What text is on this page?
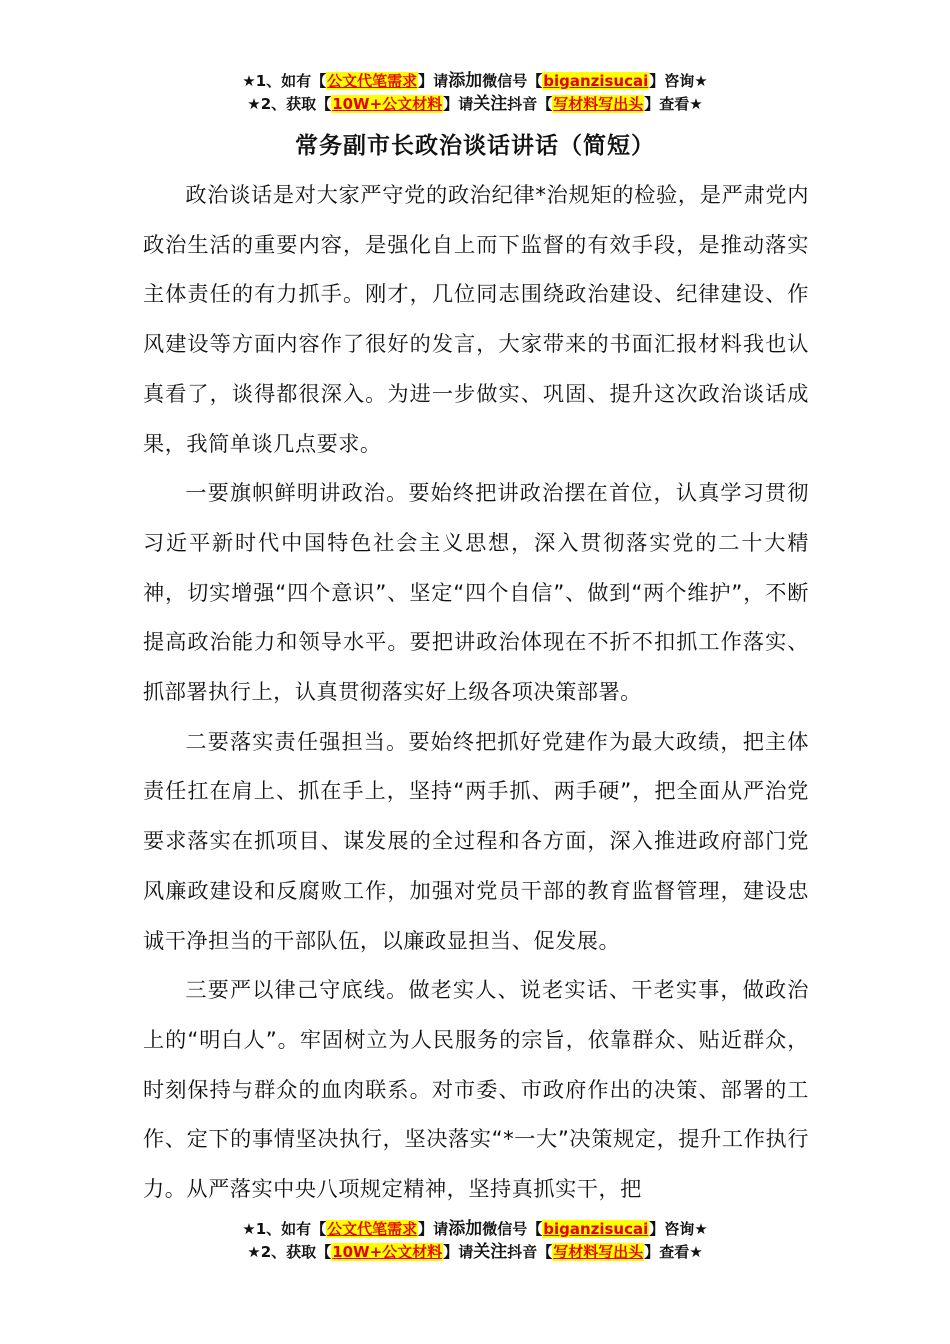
★1、如有【公文代笔需求】请添加微信号【biganzisucai】咨询★
★2、获取【10W+公文材料】请关注抖音【写材料写出头】查看★
常务副市长政治谈话讲话（简短）

政治谈话是对大家严守党的政治纪律*治规矩的检验，是严肃党内政治生活的重要内容，是强化自上而下监督的有效手段，是推动落实主体责任的有力抓手。刚才，几位同志围绕政治建设、纪律建设、作风建设等方面内容作了很好的发言，大家带来的书面汇报材料我也认真看了，谈得都很深入。为进一步做实、巩固、提升这次政治谈话成果，我简单谈几点要求。

一要旗帜鲜明讲政治。要始终把讲政治摆在首位，认真学习贯彻习近平新时代中国特色社会主义思想，深入贯彻落实党的二十大精神，切实增强“四个意识”、坚定“四个自信”、做到“两个维护”，不断提高政治能力和领导水平。要把讲政治体现在不折不扣抓工作落实、抓部署执行上，认真贯彻落实好上级各项决策部署。

二要落实责任强担当。要始终把抓好党建作为最大政绩，把主体责任扛在肩上、抓在手上，坚持“两手抓、两手硬”，把全面从严治党要求落实在抓项目、谋发展的全过程和各方面，深入推进政府部门党风廉政建设和反腐败工作，加强对党员干部的教育监督管理，建设忠诚干净担当的干部队伍，以廉政显担当、促发展。

三要严以律己守底线。做老实人、说老实话、干老实事，做政治上的“明白人”。牢固树立为人民服务的宗旨，依靠群众、贴近群众，时刻保持与群众的血肉联系。对市委、市政府作出的决策、部署的工作、定下的事情坚决执行，坚决落实“*一大”决策规定，提升工作执行力。从严落实中央八项规定精神，坚持真抓实干，把

★1、如有【公文代笔需求】请添加微信号【biganzisucai】咨询★
★2、获取【10W+公文材料】请关注抖音【写材料写出头】查看★
